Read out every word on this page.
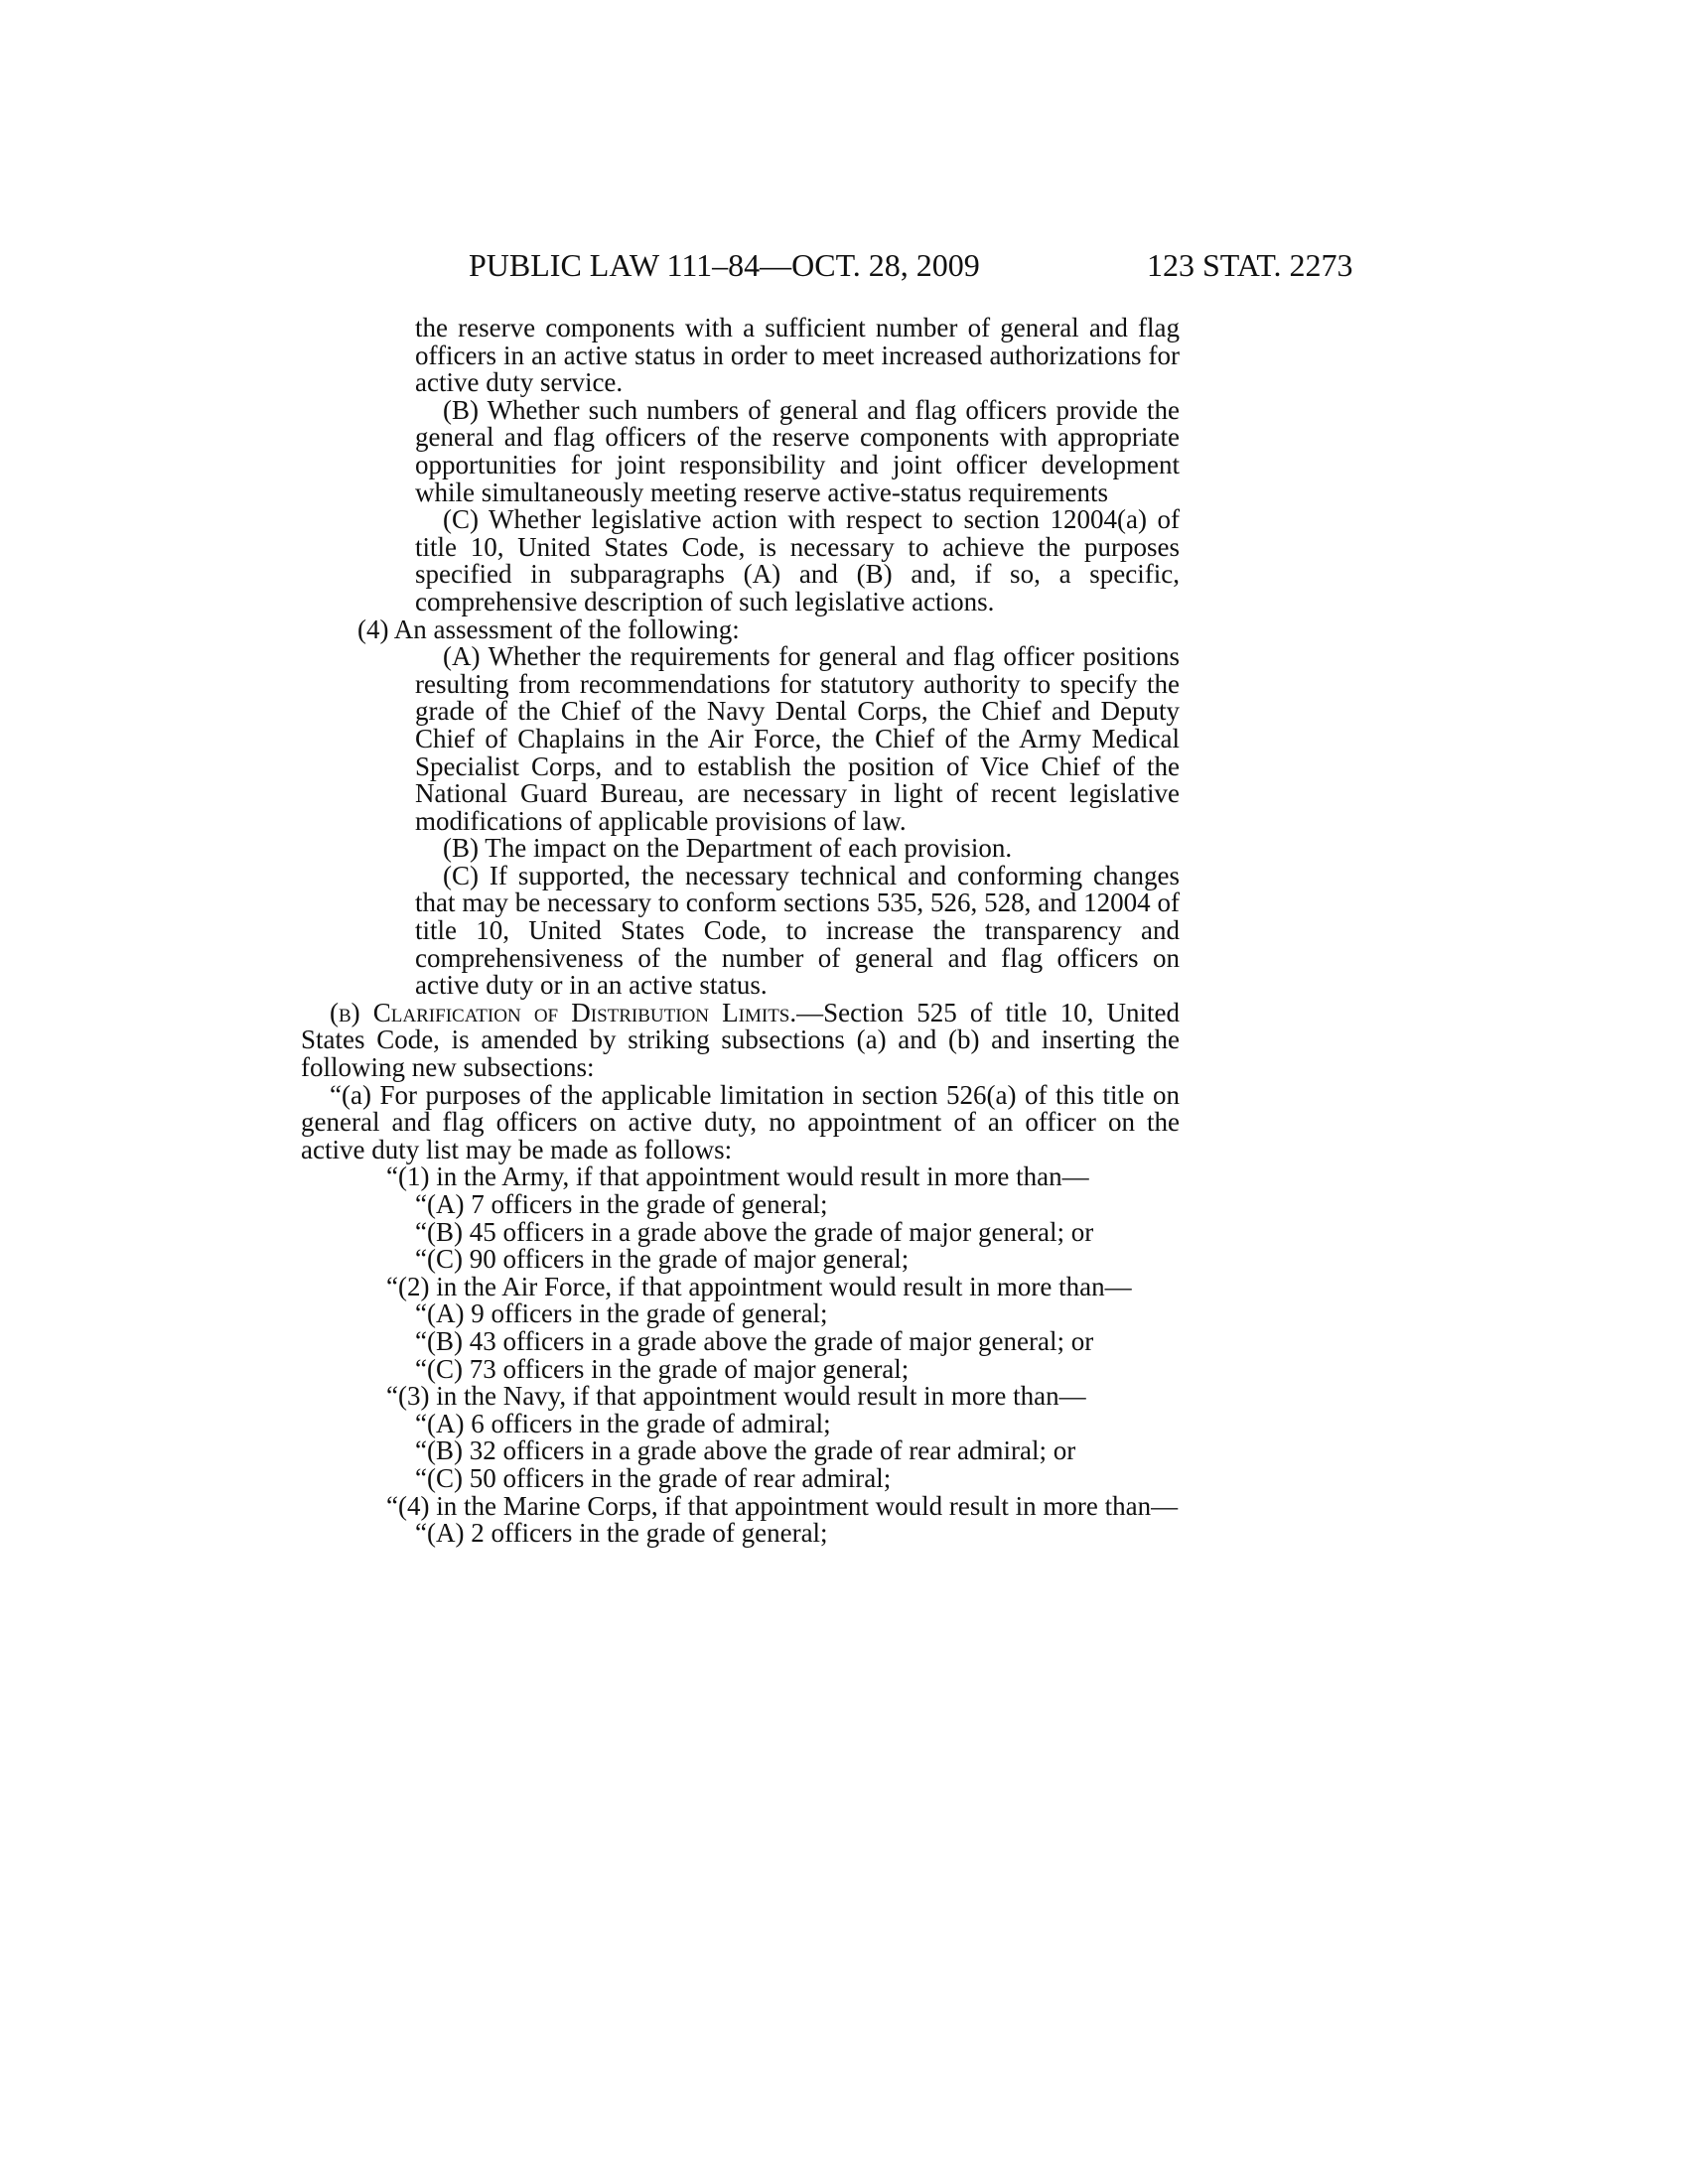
PUBLIC LAW 111–84—OCT. 28, 2009	123 STAT. 2273

the reserve components with a sufficient number of general and flag officers in an active status in order to meet increased authorizations for active duty service.

(B) Whether such numbers of general and flag officers provide the general and flag officers of the reserve components with appropriate opportunities for joint responsibility and joint officer development while simultaneously meeting reserve active-status requirements

(C) Whether legislative action with respect to section 12004(a) of title 10, United States Code, is necessary to achieve the purposes specified in subparagraphs (A) and (B) and, if so, a specific, comprehensive description of such legislative actions.

(4) An assessment of the following:

(A) Whether the requirements for general and flag officer positions resulting from recommendations for statutory authority to specify the grade of the Chief of the Navy Dental Corps, the Chief and Deputy Chief of Chaplains in the Air Force, the Chief of the Army Medical Specialist Corps, and to establish the position of Vice Chief of the National Guard Bureau, are necessary in light of recent legislative modifications of applicable provisions of law.

(B) The impact on the Department of each provision.

(C) If supported, the necessary technical and conforming changes that may be necessary to conform sections 535, 526, 528, and 12004 of title 10, United States Code, to increase the transparency and comprehensiveness of the number of general and flag officers on active duty or in an active status.

(b) Clarification of Distribution Limits.—Section 525 of title 10, United States Code, is amended by striking subsections (a) and (b) and inserting the following new subsections:

“(a) For purposes of the applicable limitation in section 526(a) of this title on general and flag officers on active duty, no appointment of an officer on the active duty list may be made as follows:

“(1) in the Army, if that appointment would result in more than—

“(A) 7 officers in the grade of general;

“(B) 45 officers in a grade above the grade of major general; or

“(C) 90 officers in the grade of major general;

“(2) in the Air Force, if that appointment would result in more than—

“(A) 9 officers in the grade of general;

“(B) 43 officers in a grade above the grade of major general; or

“(C) 73 officers in the grade of major general;

“(3) in the Navy, if that appointment would result in more than—

“(A) 6 officers in the grade of admiral;

“(B) 32 officers in a grade above the grade of rear admiral; or

“(C) 50 officers in the grade of rear admiral;

“(4) in the Marine Corps, if that appointment would result in more than—

“(A) 2 officers in the grade of general;
